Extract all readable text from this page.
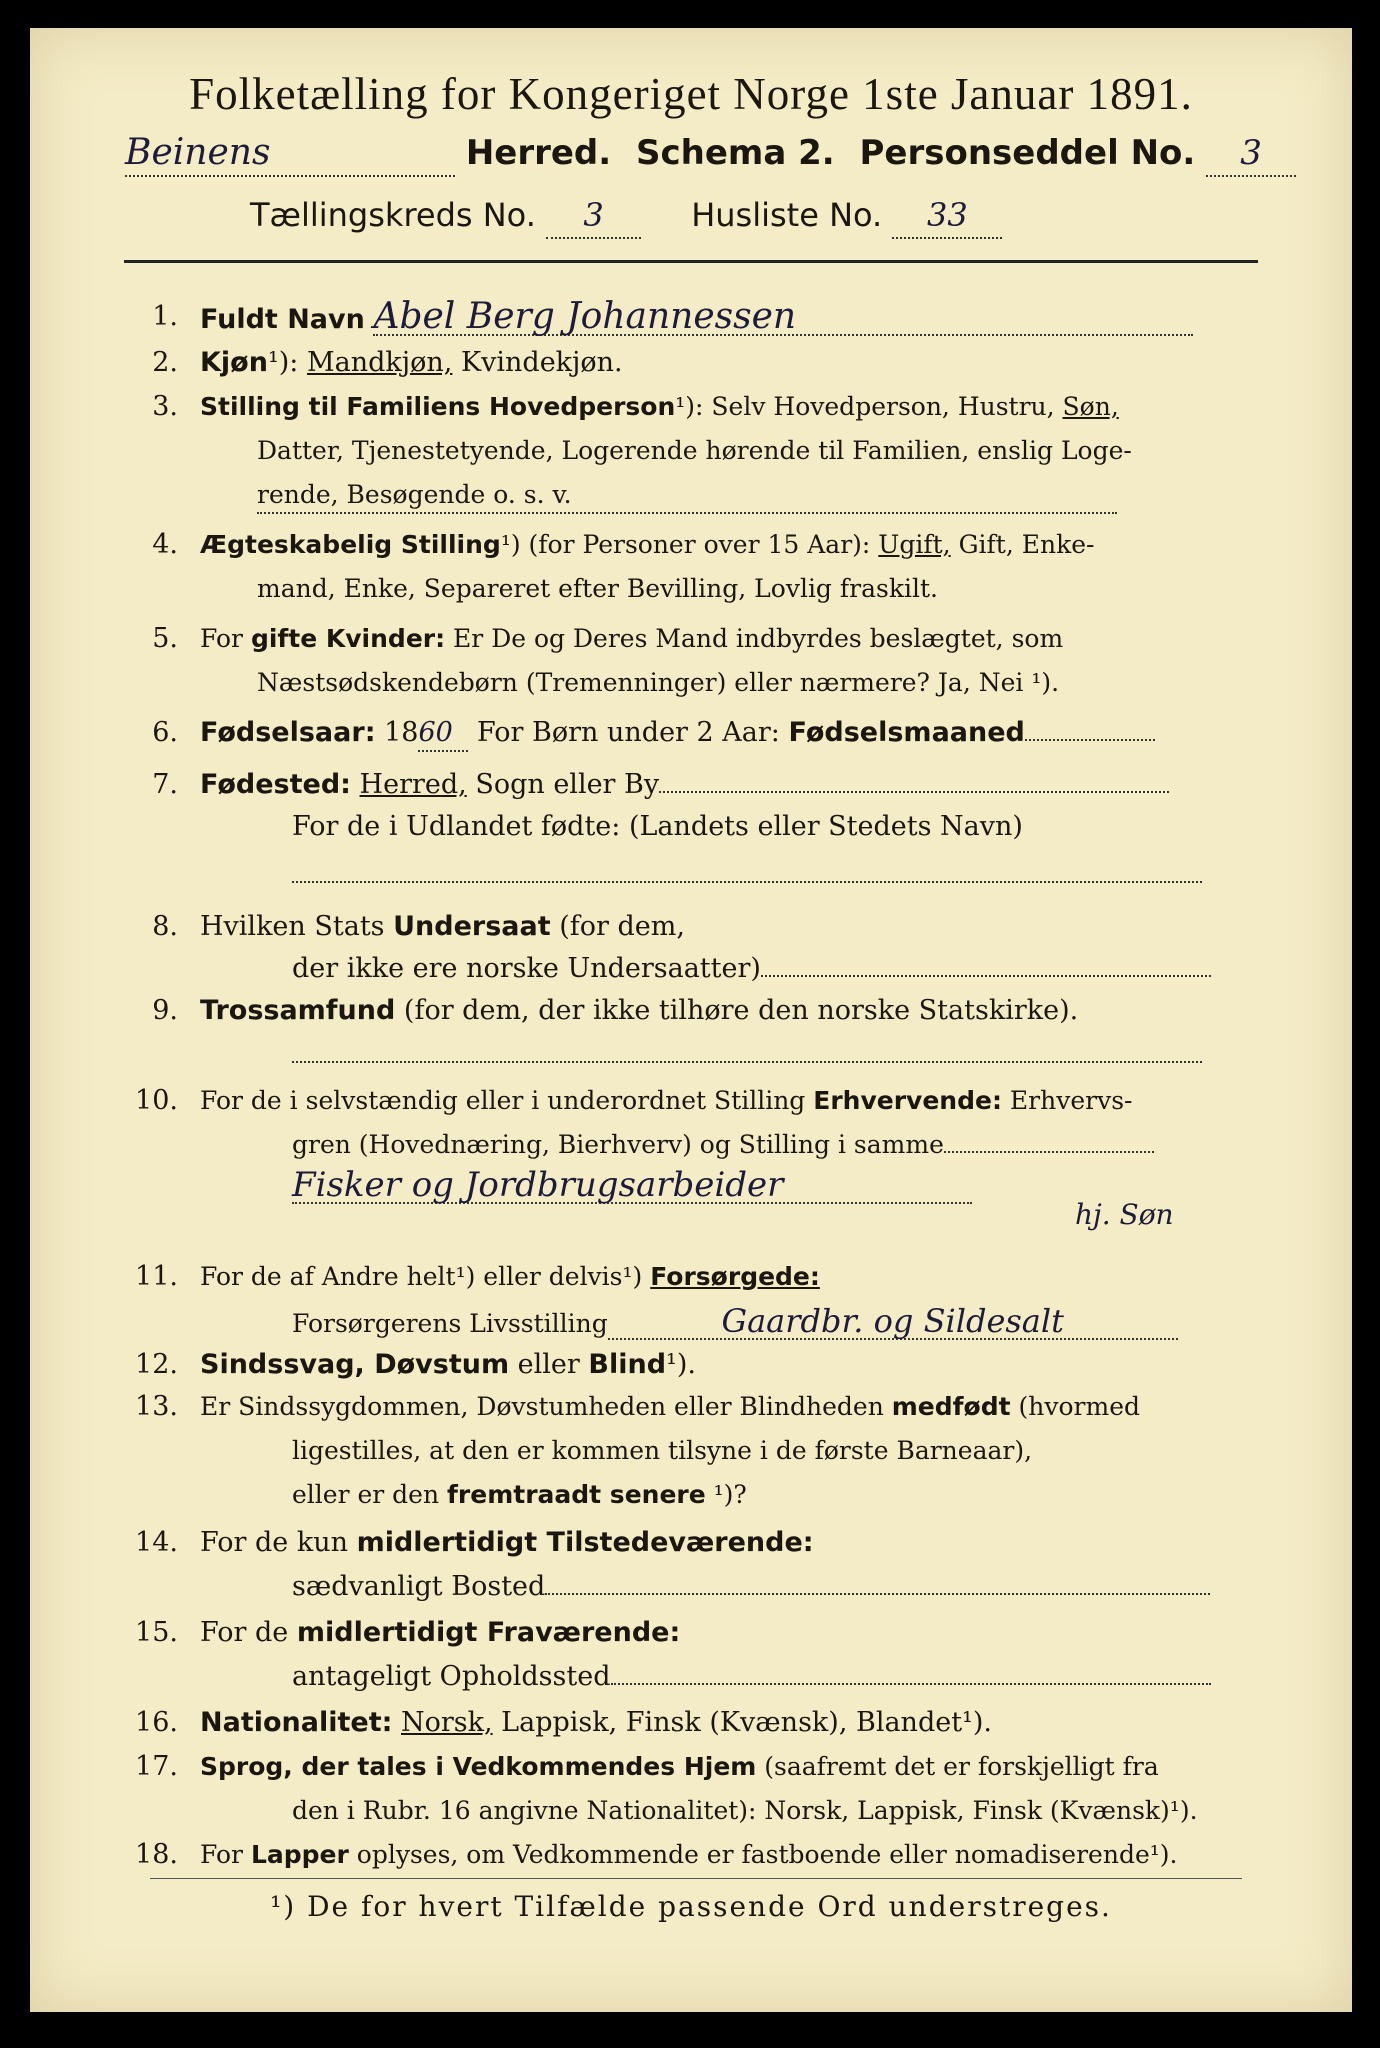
Folketælling for Kongeriget Norge 1ste Januar 1891.
Beinens	Herred. Schema 2. Personseddel No. 3
Tællingskreds No. 3	Husliste No. 33
1. Fuldt Navn Abel Berg Johannessen
2. Kjøn¹): Mandkjøn, Kvindekjøn.
3. Stilling til Familiens Hovedperson¹): Selv Hovedperson, Hustru, Søn,
Datter, Tjenestetyende, Logerende hørende til Familien, enslig Loge-
rende, Besøgende o. s. v.
4. Ægteskabelig Stilling¹) (for Personer over 15 Aar): Ugift, Gift, Enke-
mand, Enke, Separeret efter Bevilling, Lovlig fraskilt.
5. For gifte Kvinder: Er De og Deres Mand indbyrdes beslægtet, som
Næstsødskendebørn (Tremenninger) eller nærmere? Ja, Nei ¹).
6. Fødselsaar: 1860 For Børn under 2 Aar: Fødselsmaaned
7. Fødested: Herred, Sogn eller By
For de i Udlandet fødte: (Landets eller Stedets Navn)
8. Hvilken Stats Undersaat (for dem,
der ikke ere norske Undersaatter)
9. Trossamfund (for dem, der ikke tilhøre den norske Statskirke).
10. For de i selvstændig eller i underordnet Stilling Erhvervende: Erhvervs-
gren (Hovednæring, Bierhverv) og Stilling i samme
Fisker og Jordbrugsarbeider
hj. Søn
11. For de af Andre helt¹) eller delvis¹) Forsørgede:
Forsørgerens Livsstilling	Gaardbr. og Sildesalt
12. Sindssvag, Døvstum eller Blind¹).
13. Er Sindssygdommen, Døvstumheden eller Blindheden medfødt (hvormed
ligestilles, at den er kommen tilsyne i de første Barneaar),
eller er den fremtraadt senere ¹)?
14. For de kun midlertidigt Tilstedeværende:
sædvanligt Bosted
15. For de midlertidigt Fraværende:
antageligt Opholdssted
16. Nationalitet: Norsk, Lappisk, Finsk (Kvænsk), Blandet¹).
17. Sprog, der tales i Vedkommendes Hjem (saafremt det er forskjelligt fra
den i Rubr. 16 angivne Nationalitet): Norsk, Lappisk, Finsk (Kvænsk)¹).
18. For Lapper oplyses, om Vedkommende er fastboende eller nomadiserende¹).
¹) De for hvert Tilfælde passende Ord understreges.
